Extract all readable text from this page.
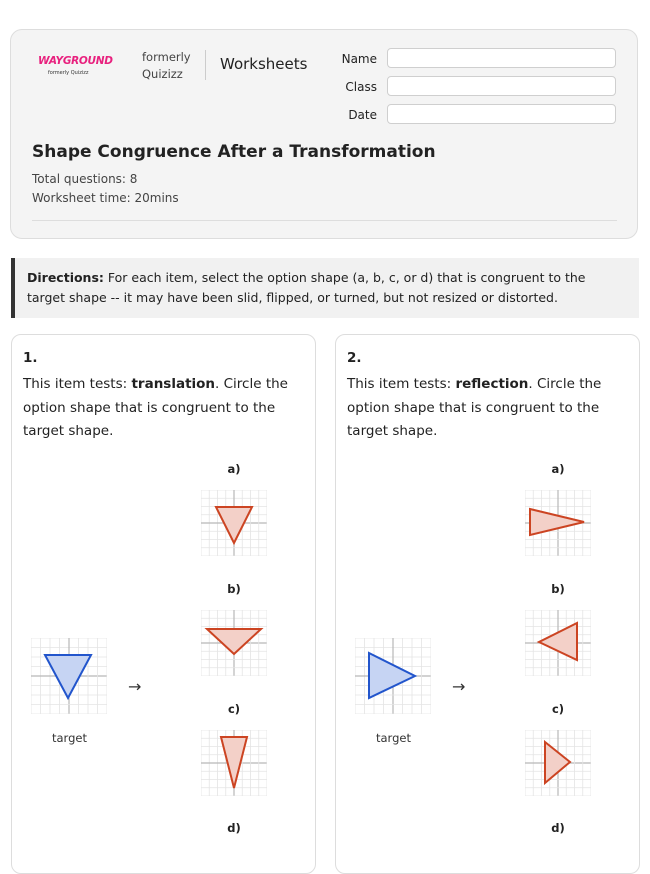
WAYGROUND
formerly Quizizz
formerly
Quizizz
Worksheets	Name
Class
Date
Shape Congruence After a Transformation
Total questions: 8
Worksheet time: 20mins
Directions: For each item, select the option shape (a, b, c, or d) that is congruent to the target shape -- it may have been slid, flipped, or turned, but not resized or distorted.
1.
This item tests: translation. Circle the option shape that is congruent to the target shape.
a)
b)
c)
d)
→
target
2.
This item tests: reflection. Circle the option shape that is congruent to the target shape.
a)
b)
c)
d)
→
target
